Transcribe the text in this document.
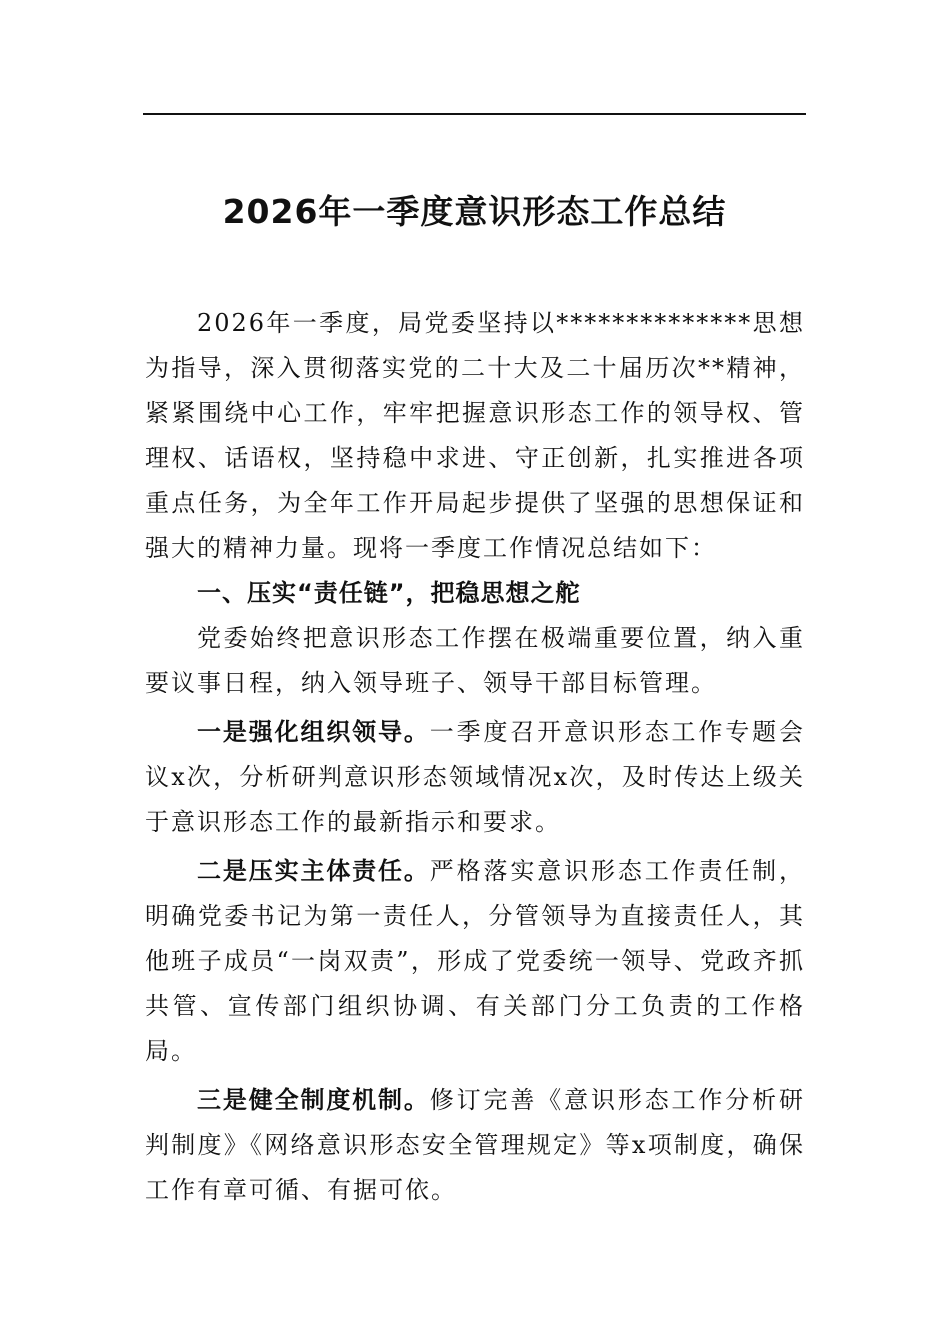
2026年一季度意识形态工作总结

2026年一季度，局党委坚持以**************思想为指导，深入贯彻落实党的二十大及二十届历次**精神，紧紧围绕中心工作，牢牢把握意识形态工作的领导权、管理权、话语权，坚持稳中求进、守正创新，扎实推进各项重点任务，为全年工作开局起步提供了坚强的思想保证和强大的精神力量。现将一季度工作情况总结如下：

一、压实“责任链”，把稳思想之舵

党委始终把意识形态工作摆在极端重要位置，纳入重要议事日程，纳入领导班子、领导干部目标管理。

一是强化组织领导。一季度召开意识形态工作专题会议x次，分析研判意识形态领域情况x次，及时传达上级关于意识形态工作的最新指示和要求。

二是压实主体责任。严格落实意识形态工作责任制，明确党委书记为第一责任人，分管领导为直接责任人，其他班子成员“一岗双责”，形成了党委统一领导、党政齐抓共管、宣传部门组织协调、有关部门分工负责的工作格局。

三是健全制度机制。修订完善《意识形态工作分析研判制度》《网络意识形态安全管理规定》等x项制度，确保工作有章可循、有据可依。
